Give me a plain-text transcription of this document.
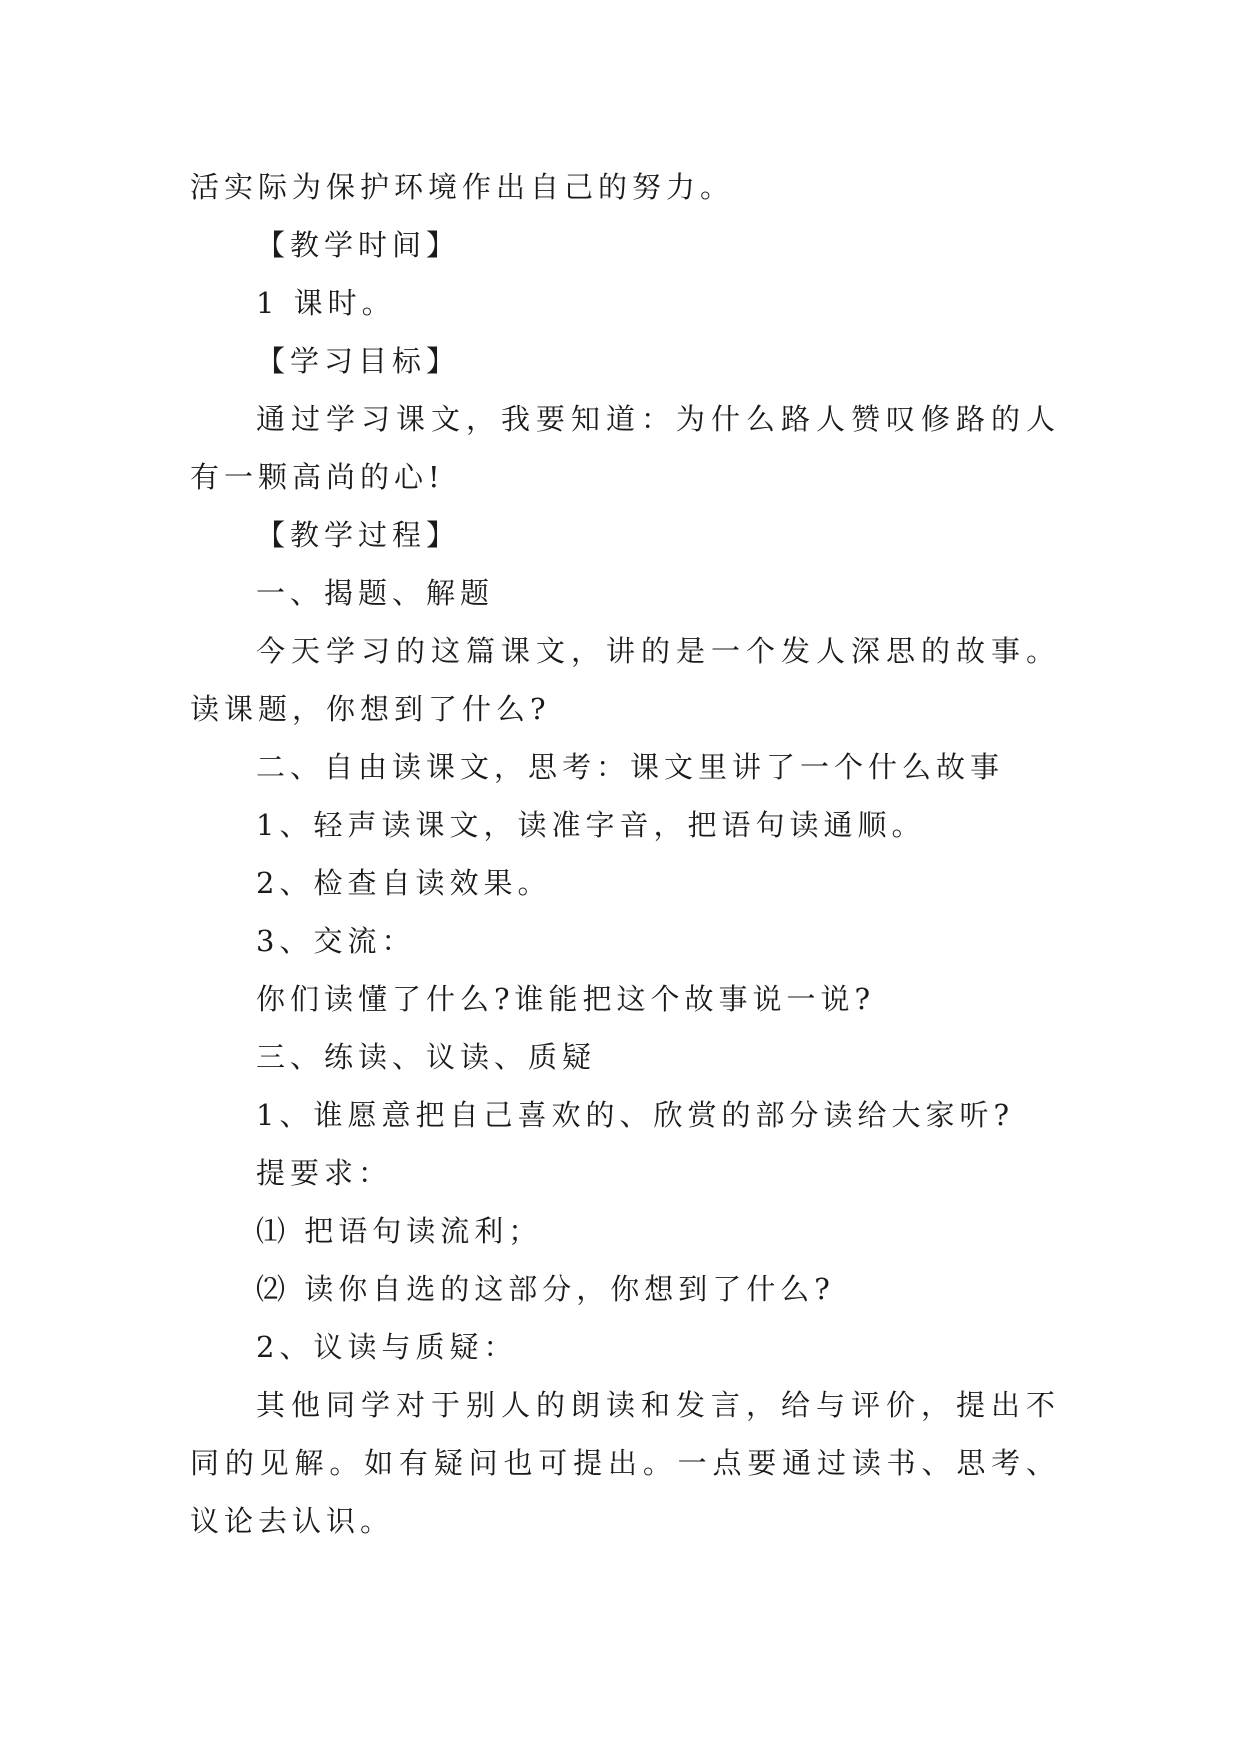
活实际为保护环境作出自己的努力。

【教学时间】

1 课时。

【学习目标】

通过学习课文，我要知道：为什么路人赞叹修路的人有一颗高尚的心!

【教学过程】

一、揭题、解题

今天学习的这篇课文，讲的是一个发人深思的故事。读课题，你想到了什么?

二、自由读课文，思考：课文里讲了一个什么故事

1、轻声读课文，读准字音，把语句读通顺。

2、检查自读效果。

3、交流：

你们读懂了什么?谁能把这个故事说一说?

三、练读、议读、质疑

1、谁愿意把自己喜欢的、欣赏的部分读给大家听?

提要求：

⑴ 把语句读流利；

⑵ 读你自选的这部分，你想到了什么?

2、议读与质疑：

其他同学对于别人的朗读和发言，给与评价，提出不同的见解。如有疑问也可提出。一点要通过读书、思考、议论去认识。
